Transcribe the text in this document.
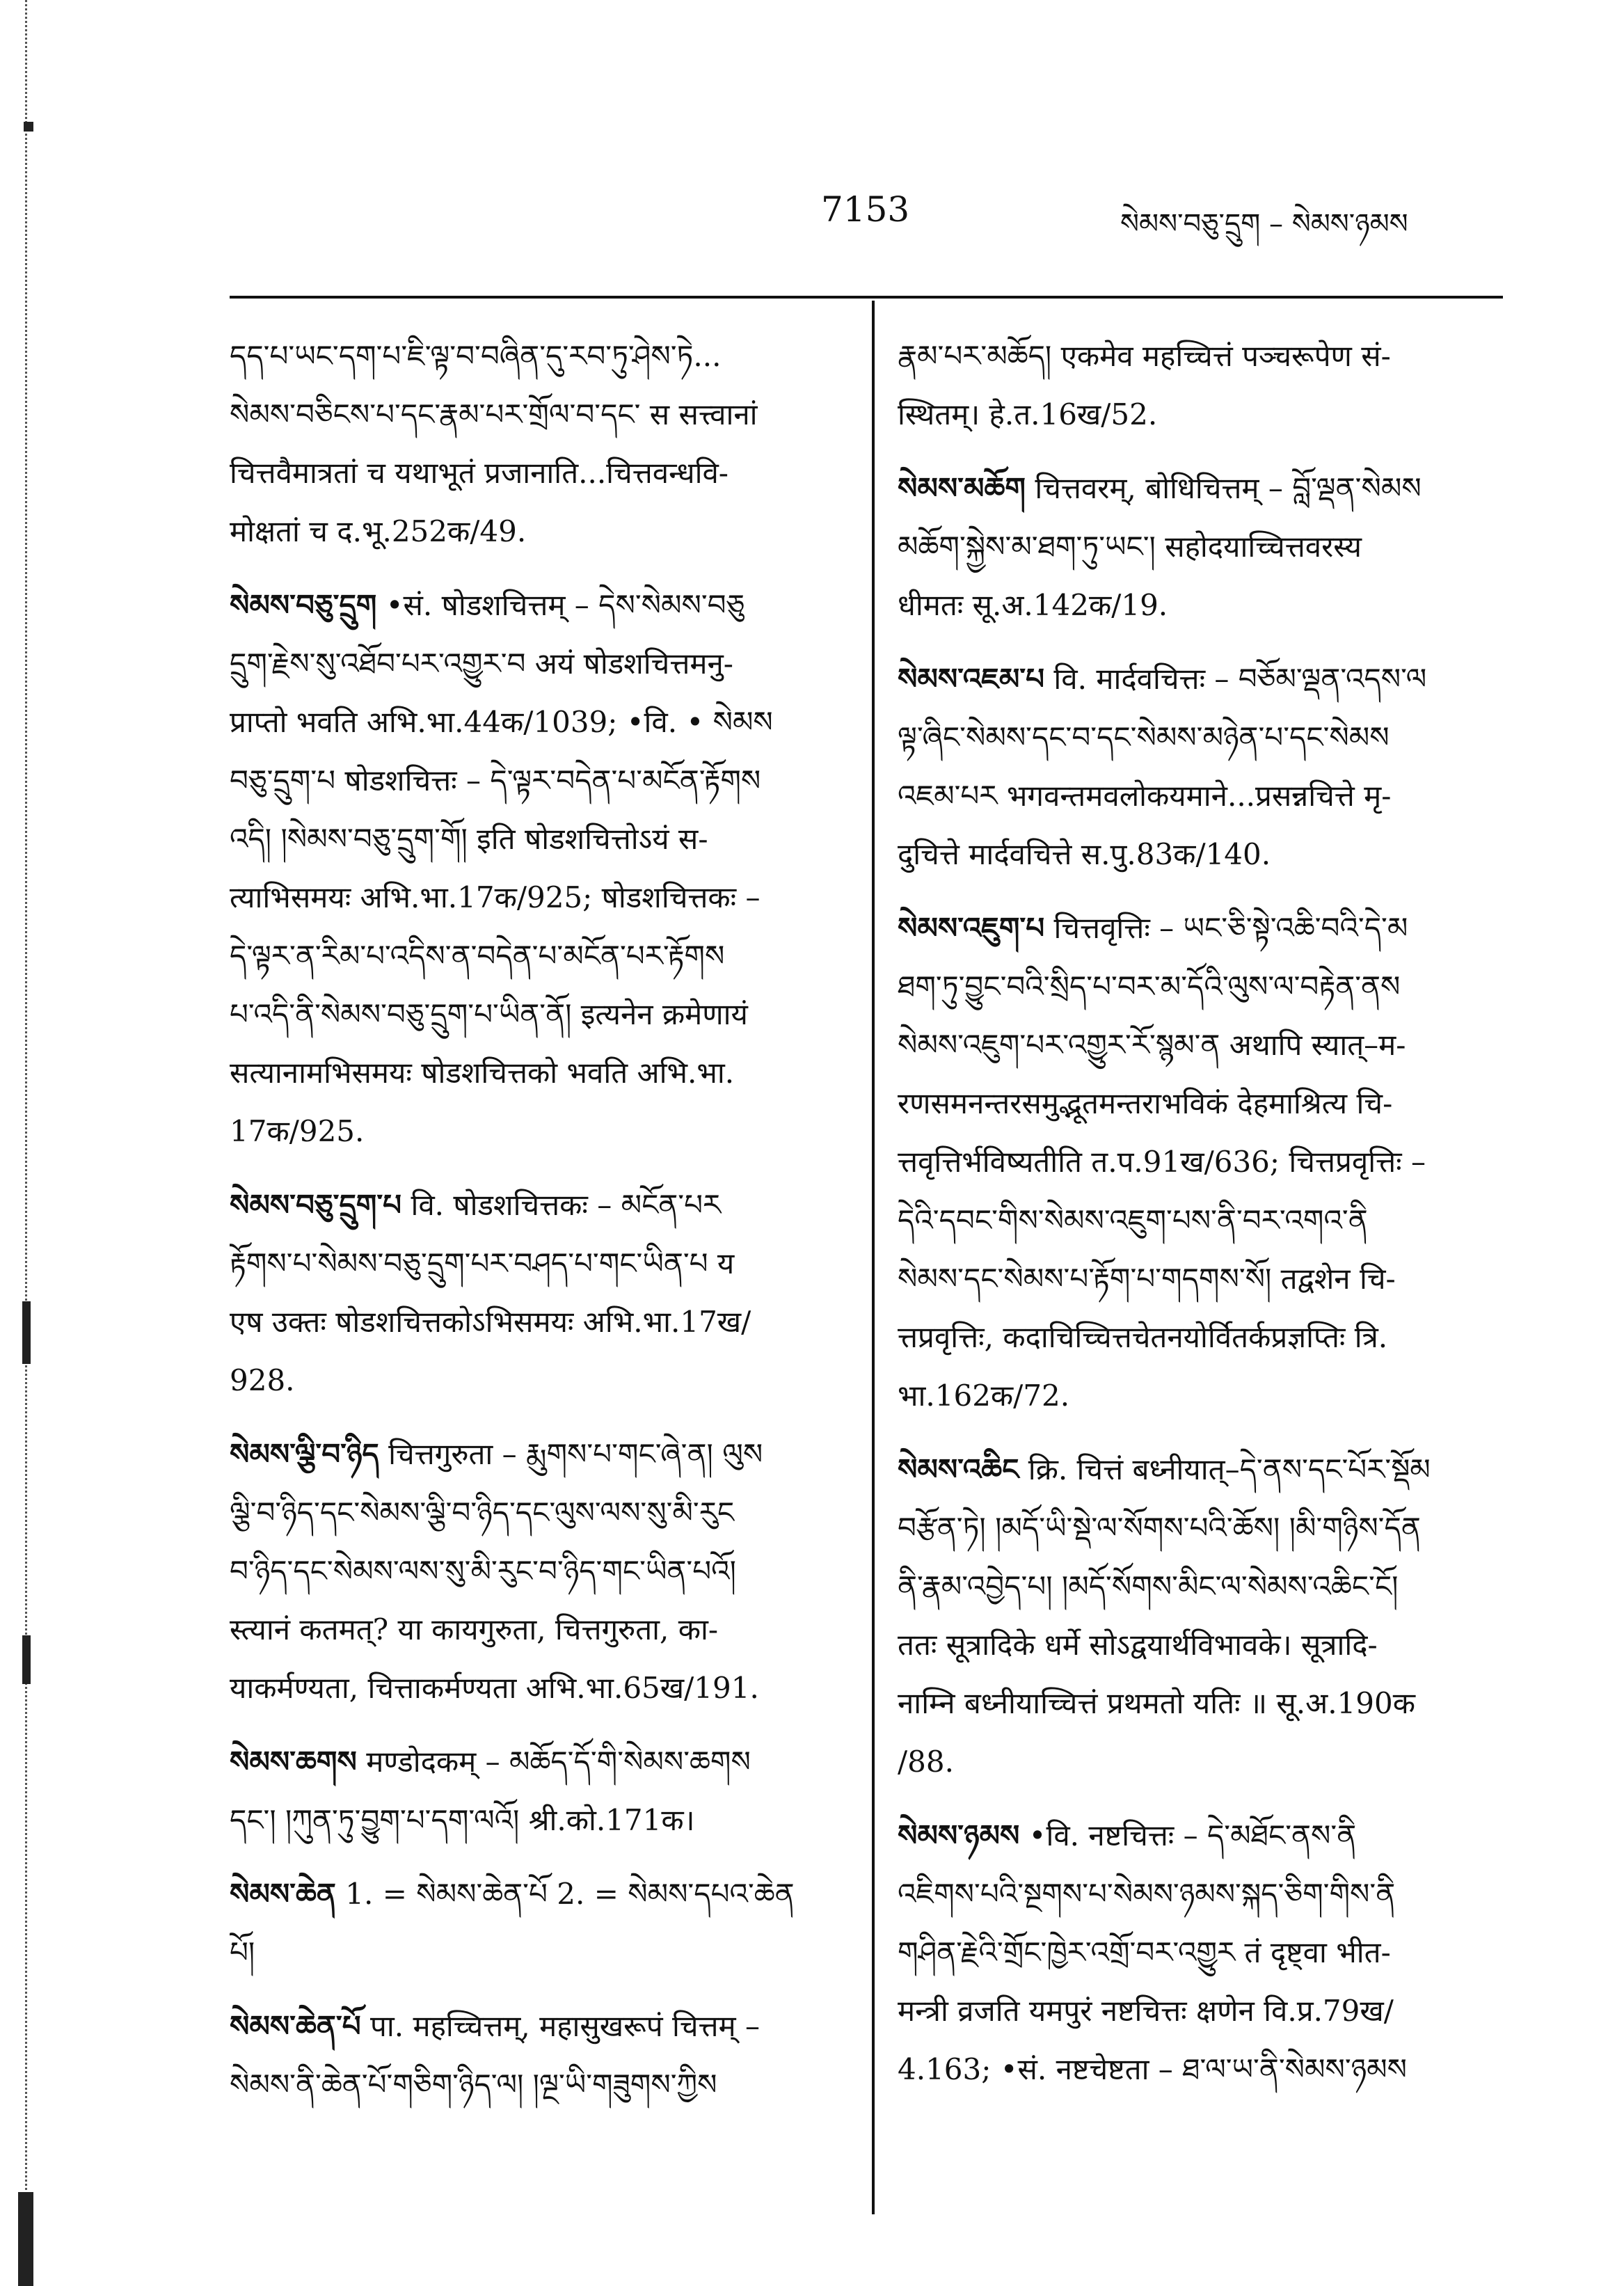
7153	སེམས་བཅུ་དྲུག – སེམས་ཉམས
དད་པ་ཡང་དག་པ་ཇི་ལྟ་བ་བཞིན་དུ་རབ་ཏུ་ཤེས་ཏེ...
སེམས་བཅིངས་པ་དང་རྣམ་པར་གྲོལ་བ་དང་ स सत्त्वानां
चित्तवैमात्रतां च यथाभूतं प्रजानाति...चित्तवन्धवि-
मोक्षतां च द.भू.252क/49.
སེམས་བཅུ་དྲུག •सं. षोडशचित्तम् – དེས་སེམས་བཅུ
དྲུག་རྗེས་སུ་འཐོབ་པར་འགྱུར་བ अयं षोडशचित्तमनु-
प्राप्तो भवति अभि.भा.44क/1039; •वि. • སེམས
བཅུ་དྲུག་པ षोडशचित्तः – དེ་ལྟར་བདེན་པ་མངོན་རྟོགས
འདི། །སེམས་བཅུ་དྲུག་གོ། इति षोडशचित्तोऽयं स-
त्याभिसमयः अभि.भा.17क/925; षोडशचित्तकः –
དེ་ལྟར་ན་རིམ་པ་འདིས་ན་བདེན་པ་མངོན་པར་རྟོགས
པ་འདི་ནི་སེམས་བཅུ་དྲུག་པ་ཡིན་ནོ། इत्यनेन क्रमेणायं
सत्यानामभिसमयः षोडशचित्तको भवति अभि.भा.
17क/925.
སེམས་བཅུ་དྲུག་པ वि. षोडशचित्तकः – མངོན་པར
རྟོགས་པ་སེམས་བཅུ་དྲུག་པར་བཤད་པ་གང་ཡིན་པ य
एष उक्तः षोडशचित्तकोऽभिसमयः अभि.भा.17ख/
928.
སེམས་ལྕི་བ་ཉིད चित्तगुरुता – རྨུགས་པ་གང་ཞེ་ན། ལུས
ལྕི་བ་ཉིད་དང་སེམས་ལྕི་བ་ཉིད་དང་ལུས་ལས་སུ་མི་རུང
བ་ཉིད་དང་སེམས་ལས་སུ་མི་རུང་བ་ཉིད་གང་ཡིན་པའོ།
स्त्यानं कतमत्? या कायगुरुता, चित्तगुरुता, का-
याकर्मण्यता, चित्ताकर्मण्यता अभि.भा.65ख/191.
སེམས་ཆགས मण्डोदकम् – མཆོད་དོ་གི་སེམས་ཆགས
དང་། །ཀུན་ཏུ་བྱུག་པ་དག་ལའོ། श्री.को.171क।
སེམས་ཆེན 1. = སེམས་ཆེན་པོ 2. = སེམས་དཔའ་ཆེན
པོ།
སེམས་ཆེན་པོ पा. महच्चित्तम्, महासुखरूपं चित्तम् –
སེམས་ནི་ཆེན་པོ་གཅིག་ཉིད་ལ། །ལྔ་ཡི་གཟུགས་ཀྱིས
རྣམ་པར་མཆོད། एकमेव महच्चित्तं पञ्चरूपेण सं-
स्थितम्। हे.त.16ख/52.
སེམས་མཆོག चित्तवरम्, बोधिचित्तम् – བློ་ལྡན་སེམས
མཆོག་སྐྱེས་མ་ཐག་ཏུ་ཡང་། सहोदयाच्चित्तवरस्य
धीमतः सू.अ.142क/19.
སེམས་འཇམ་པ वि. मार्दवचित्तः – བཅོམ་ལྡན་འདས་ལ
ལྟ་ཞིང་སེམས་དང་བ་དང་སེམས་མཉེན་པ་དང་སེམས
འཇམ་པར भगवन्तमवलोकयमाने...प्रसन्नचित्ते मृ-
दुचित्ते मार्दवचित्ते स.पु.83क/140.
སེམས་འཇུག་པ चित्तवृत्तिः – ཡང་ཅི་སྟེ་འཆི་བའི་དེ་མ
ཐག་ཏུ་བྱུང་བའི་སྲིད་པ་བར་མ་དོའི་ལུས་ལ་བརྟེན་ནས
སེམས་འཇུག་པར་འགྱུར་རོ་སྙམ་ན अथापि स्यात्–म-
रणसमनन्तरसमुद्भूतमन्तराभविकं देहमाश्रित्य चि-
त्तवृत्तिर्भविष्यतीति त.प.91ख/636; चित्तप्रवृत्तिः –
དེའི་དབང་གིས་སེམས་འཇུག་པས་ནི་བར་འགའ་ནི
སེམས་དང་སེམས་པ་རྟོག་པ་གདགས་སོ། तद्वशेन चि-
त्तप्रवृत्तिः, कदाचिच्चित्तचेतनयोर्वितर्कप्रज्ञप्तिः त्रि.
भा.162क/72.
སེམས་འཆིང क्रि. चित्तं बध्नीयात्–དེ་ནས་དང་པོར་སྡོམ
བརྩོན་ཏེ། །མདོ་ཡི་སྡེ་ལ་སོགས་པའི་ཆོས། །མི་གཉིས་དོན
ནི་རྣམ་འབྱེད་པ། །མདོ་སོགས་མིང་ལ་སེམས་འཆིང་ངོ།
ततः सूत्रादिके धर्मे सोऽद्वयार्थविभावके। सूत्रादि-
नाम्नि बध्नीयाच्चित्तं प्रथमतो यतिः ॥ सू.अ.190क
/88.
སེམས་ཉམས •वि. नष्टचित्तः – དེ་མཐོང་ནས་ནི
འཇིགས་པའི་སྔགས་པ་སེམས་ཉམས་སྐད་ཅིག་གིས་ནི
གཤིན་རྗེའི་གྲོང་ཁྱེར་འགྲོ་བར་འགྱུར तं दृष्ट्वा भीत-
मन्त्री व्रजति यमपुरं नष्टचित्तः क्षणेन वि.प्र.79ख/
4.163; •सं. नष्टचेष्टता – ཐ་ལ་ཡ་ནི་སེམས་ཉམས
